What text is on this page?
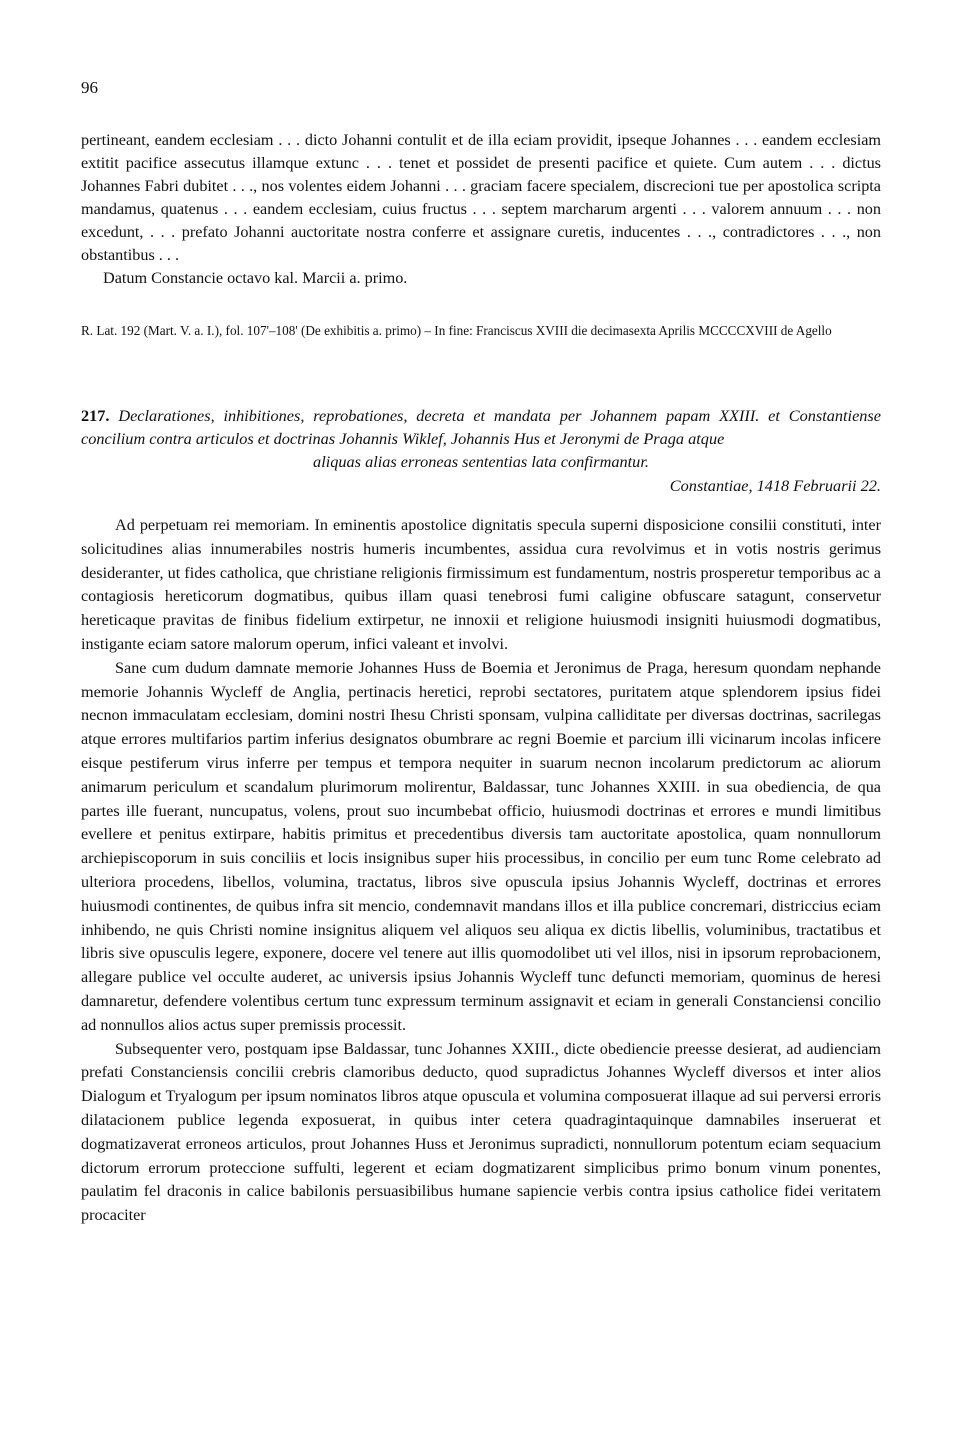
96

pertineant, eandem ecclesiam . . . dicto Johanni contulit et de illa eciam providit, ipseque Johannes . . . eandem ecclesiam extitit pacifice assecutus illamque extunc . . . tenet et possidet de presenti pacifice et quiete. Cum autem . . . dictus Johannes Fabri dubitet . . ., nos volentes eidem Johanni . . . graciam facere specialem, discrecioni tue per apostolica scripta mandamus, quatenus . . . eandem ecclesiam, cuius fructus . . . septem marcharum argenti . . . valorem annuum . . . non excedunt, . . . prefato Johanni auctoritate nostra conferre et assignare curetis, inducentes . . ., contradictores . . ., non obstantibus . . .

Datum Constancie octavo kal. Marcii a. primo.

R. Lat. 192 (Mart. V. a. I.), fol. 107'–108' (De exhibitis a. primo) – In fine: Franciscus XVIII die decimasexta Aprilis MCCCCXVIII de Agello

217. Declarationes, inhibitiones, reprobationes, decreta et mandata per Johannem papam XXIII. et Constantiense concilium contra articulos et doctrinas Johannis Wiklef, Johannis Hus et Jeronymi de Praga atque

aliquas alias erroneas sententias lata confirmantur.

Constantiae, 1418 Februarii 22.

Ad perpetuam rei memoriam. In eminentis apostolice dignitatis specula superni disposicione consilii constituti, inter solicitudines alias innumerabiles nostris humeris incumbentes, assidua cura revolvimus et in votis nostris gerimus desideranter, ut fides catholica, que christiane religionis firmissimum est fundamentum, nostris prosperetur temporibus ac a contagiosis hereticorum dogmatibus, quibus illam quasi tenebrosi fumi caligine obfuscare satagunt, conservetur hereticaque pravitas de finibus fidelium extirpetur, ne innoxii et religione huiusmodi insigniti huiusmodi dogmatibus, instigante eciam satore malorum operum, infici valeant et involvi.

Sane cum dudum damnate memorie Johannes Huss de Boemia et Jeronimus de Praga, heresum quondam nephande memorie Johannis Wycleff de Anglia, pertinacis heretici, reprobi sectatores, puritatem atque splendorem ipsius fidei necnon immaculatam ecclesiam, domini nostri Ihesu Christi sponsam, vulpina calliditate per diversas doctrinas, sacrilegas atque errores multifarios partim inferius designatos obumbrare ac regni Boemie et parcium illi vicinarum incolas inficere eisque pestiferum virus inferre per tempus et tempora nequiter in suarum necnon incolarum predictorum ac aliorum animarum periculum et scandalum plurimorum molirentur, Baldassar, tunc Johannes XXIII. in sua obediencia, de qua partes ille fuerant, nuncupatus, volens, prout suo incumbebat officio, huiusmodi doctrinas et errores e mundi limitibus evellere et penitus extirpare, habitis primitus et precedentibus diversis tam auctoritate apostolica, quam nonnullorum archiepiscoporum in suis conciliis et locis insignibus super hiis processibus, in concilio per eum tunc Rome celebrato ad ulteriora procedens, libellos, volumina, tractatus, libros sive opuscula ipsius Johannis Wycleff, doctrinas et errores huiusmodi continentes, de quibus infra sit mencio, condemnavit mandans illos et illa publice concremari, districcius eciam inhibendo, ne quis Christi nomine insignitus aliquem vel aliquos seu aliqua ex dictis libellis, voluminibus, tractatibus et libris sive opusculis legere, exponere, docere vel tenere aut illis quomodolibet uti vel illos, nisi in ipsorum reprobacionem, allegare publice vel occulte auderet, ac universis ipsius Johannis Wycleff tunc defuncti memoriam, quominus de heresi damnaretur, defendere volentibus certum tunc expressum terminum assignavit et eciam in generali Constanciensi concilio ad nonnullos alios actus super premissis processit.

Subsequenter vero, postquam ipse Baldassar, tunc Johannes XXIII., dicte obediencie preesse desierat, ad audienciam prefati Constanciensis concilii crebris clamoribus deducto, quod supradictus Johannes Wycleff diversos et inter alios Dialogum et Tryalogum per ipsum nominatos libros atque opuscula et volumina composuerat illaque ad sui perversi erroris dilatacionem publice legenda exposuerat, in quibus inter cetera quadragintaquinque damnabiles inseruerat et dogmatizaverat erroneos articulos, prout Johannes Huss et Jeronimus supradicti, nonnullorum potentum eciam sequacium dictorum errorum proteccione suffulti, legerent et eciam dogmatizarent simplicibus primo bonum vinum ponentes, paulatim fel draconis in calice babilonis persuasibilibus humane sapiencie verbis contra ipsius catholice fidei veritatem procaciter
